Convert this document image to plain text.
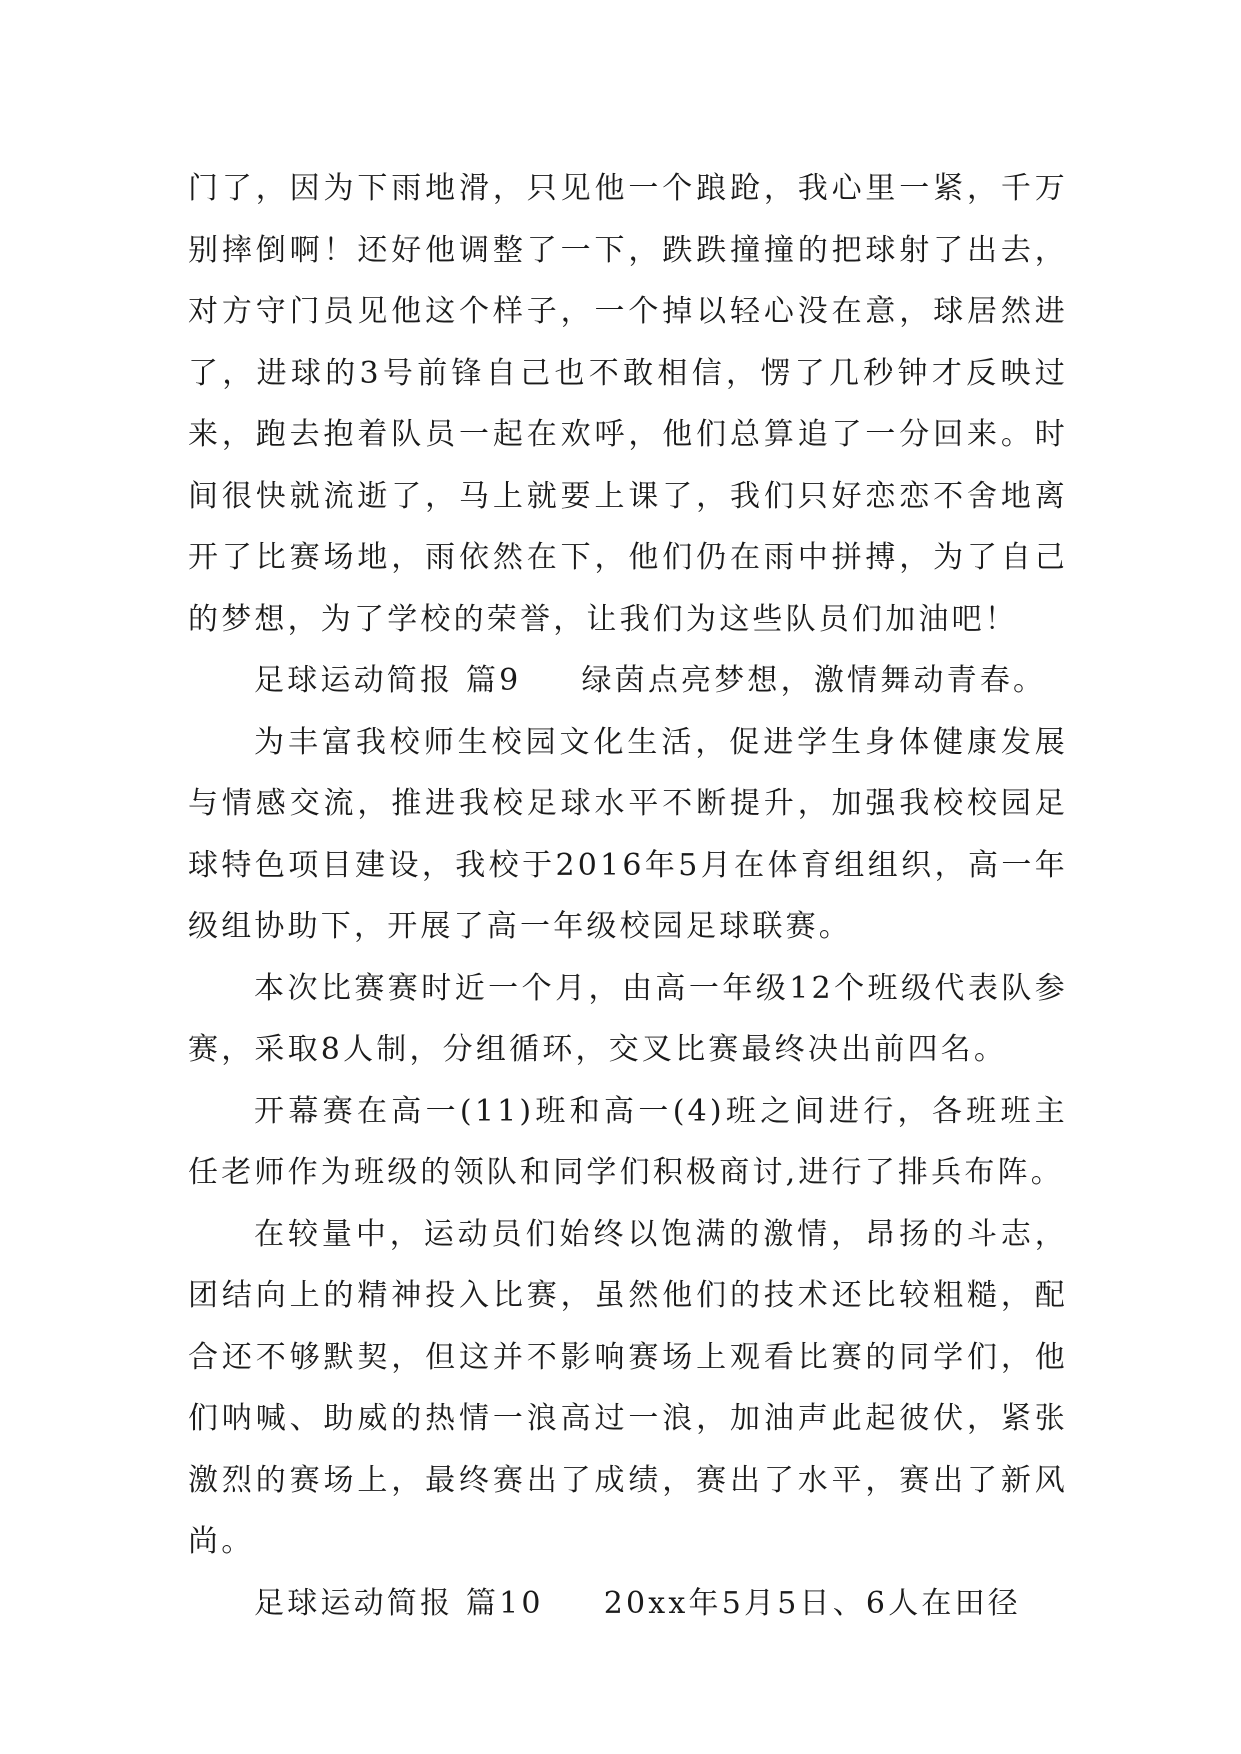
门了，因为下雨地滑，只见他一个踉跄，我心里一紧，千万别摔倒啊！还好他调整了一下，跌跌撞撞的把球射了出去，对方守门员见他这个样子，一个掉以轻心没在意，球居然进了，进球的3号前锋自己也不敢相信，愣了几秒钟才反映过来，跑去抱着队员一起在欢呼，他们总算追了一分回来。时间很快就流逝了，马上就要上课了，我们只好恋恋不舍地离开了比赛场地，雨依然在下，他们仍在雨中拼搏，为了自己的梦想，为了学校的荣誉，让我们为这些队员们加油吧！

足球运动简报 篇9 绿茵点亮梦想，激情舞动青春。

为丰富我校师生校园文化生活，促进学生身体健康发展与情感交流，推进我校足球水平不断提升，加强我校校园足球特色项目建设，我校于2016年5月在体育组组织，高一年级组协助下，开展了高一年级校园足球联赛。

本次比赛赛时近一个月，由高一年级12个班级代表队参赛，采取8人制，分组循环，交叉比赛最终决出前四名。

开幕赛在高一(11)班和高一(4)班之间进行，各班班主任老师作为班级的领队和同学们积极商讨,进行了排兵布阵。

在较量中，运动员们始终以饱满的激情，昂扬的斗志，团结向上的精神投入比赛，虽然他们的技术还比较粗糙，配合还不够默契，但这并不影响赛场上观看比赛的同学们，他们呐喊、助威的热情一浪高过一浪，加油声此起彼伏，紧张激烈的赛场上，最终赛出了成绩，赛出了水平，赛出了新风尚。

足球运动简报 篇10 20xx年5月5日、6人在田径
